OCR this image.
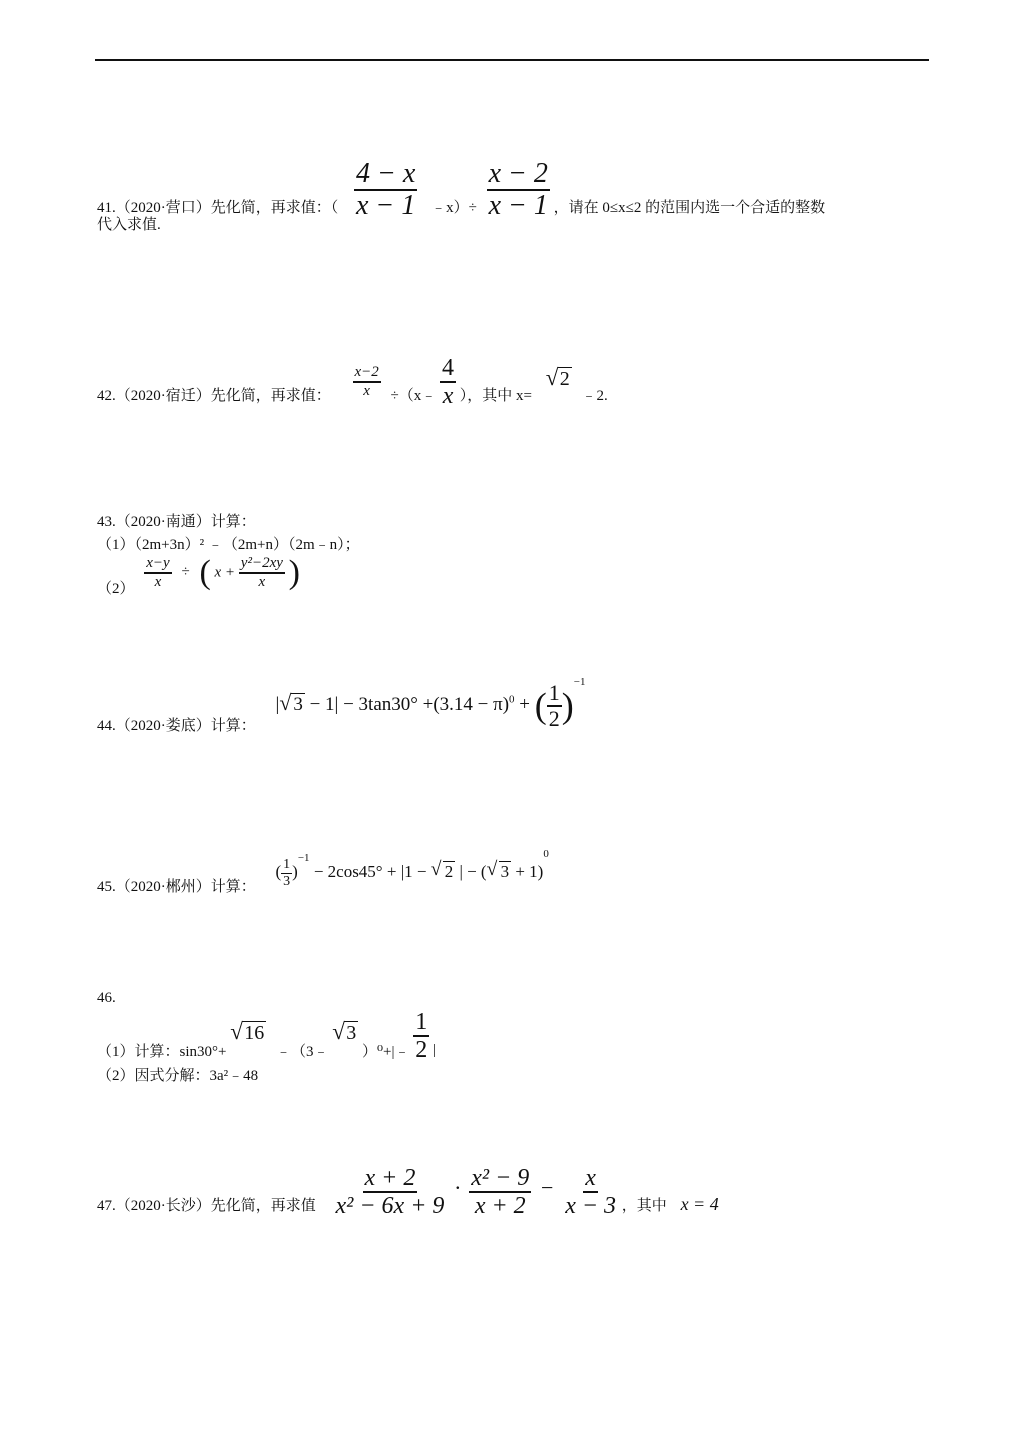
41.（2020·营口）先化简，再求值：（ $\frac{4 - x}{x - 1}$ ﹣x）÷ $\frac{x - 2}{x - 1}$ ，请在 0≤x≤2 的范围内选一个合适的整数
代入求值.
42.（2020·宿迁）先化简，再求值： $\frac{x-2}{x}$ ÷（x﹣ $\frac{4}{x}$ ），其中 x=
√ 2 ﹣2.
43.（2020·南通）计算：
（1）（2m+3n）² ﹣（2m+n）（2m﹣n）；
$(2) \frac{x-y}{x}$ ÷ ( $x + \frac{\text{y²−2xy}}{x}$ )
44.（2020·娄底）计算： | √ $3 - 1| - 3\tan 30^\circ +(3.14 - \pi)^0$ + ( $\frac{1}{2} )^{-1}$
45.（2020·郴州）计算： ( $\frac{1}{3} )^{-1} - 2\cos 45^\circ + |1$ − √ 2 | − ( √ 3 + 1)$^0$
46.
（1）计算：sin30°+
√ 16 ﹣（3﹣
√ 3 ）⁰+|﹣ $\frac{1}{2}$ |
（2）因式分解：3a²﹣48
47.（2020·长沙）先化简，再求值 $\frac{x + 2}{\text{x² − 6x + 9}} \cdot \frac{\text{x² − 9}}{x + 2} - \frac{x}{x - 3}$ ，其中 x = 4
